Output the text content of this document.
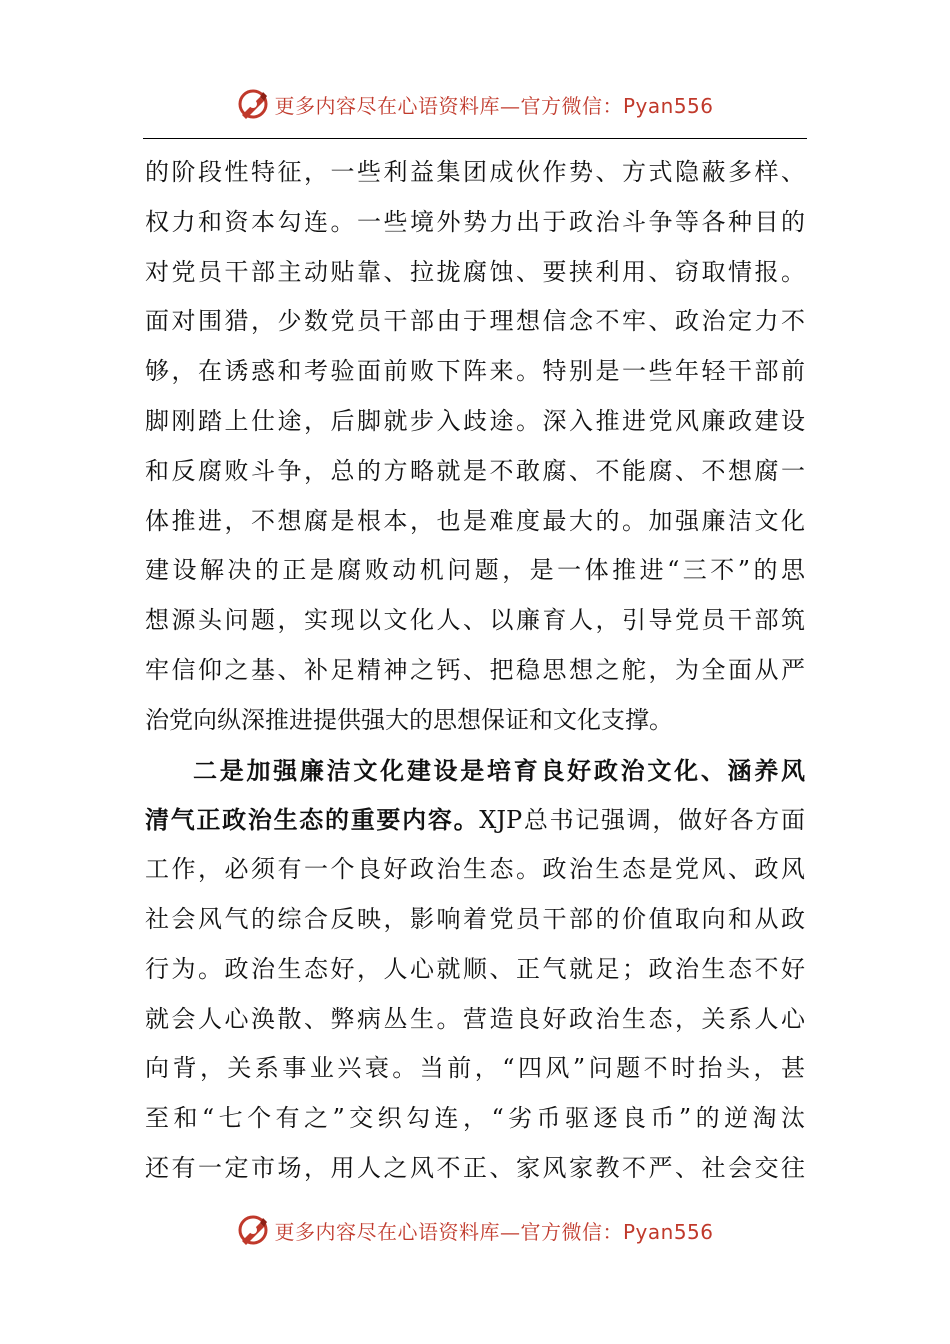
更多内容尽在心语资料库—官方微信：Pyan556
的阶段性特征，一些利益集团成伙作势、方式隐蔽多样、
权力和资本勾连。一些境外势力出于政治斗争等各种目的
对党员干部主动贴靠、拉拢腐蚀、要挟利用、窃取情报。
面对围猎，少数党员干部由于理想信念不牢、政治定力不
够，在诱惑和考验面前败下阵来。特别是一些年轻干部前
脚刚踏上仕途，后脚就步入歧途。深入推进党风廉政建设
和反腐败斗争，总的方略就是不敢腐、不能腐、不想腐一
体推进，不想腐是根本，也是难度最大的。加强廉洁文化
建设解决的正是腐败动机问题，是一体推进“三不”的思
想源头问题，实现以文化人、以廉育人，引导党员干部筑
牢信仰之基、补足精神之钙、把稳思想之舵，为全面从严
治党向纵深推进提供强大的思想保证和文化支撑。
二是加强廉洁文化建设是培育良好政治文化、涵养风
清气正政治生态的重要内容。XJP总书记强调，做好各方面
工作，必须有一个良好政治生态。政治生态是党风、政风
社会风气的综合反映，影响着党员干部的价值取向和从政
行为。政治生态好，人心就顺、正气就足；政治生态不好
就会人心涣散、弊病丛生。营造良好政治生态，关系人心
向背，关系事业兴衰。当前，“四风”问题不时抬头，甚
至和“七个有之”交织勾连，“劣币驱逐良币”的逆淘汰
还有一定市场，用人之风不正、家风家教不严、社会交往
更多内容尽在心语资料库—官方微信：Pyan556
